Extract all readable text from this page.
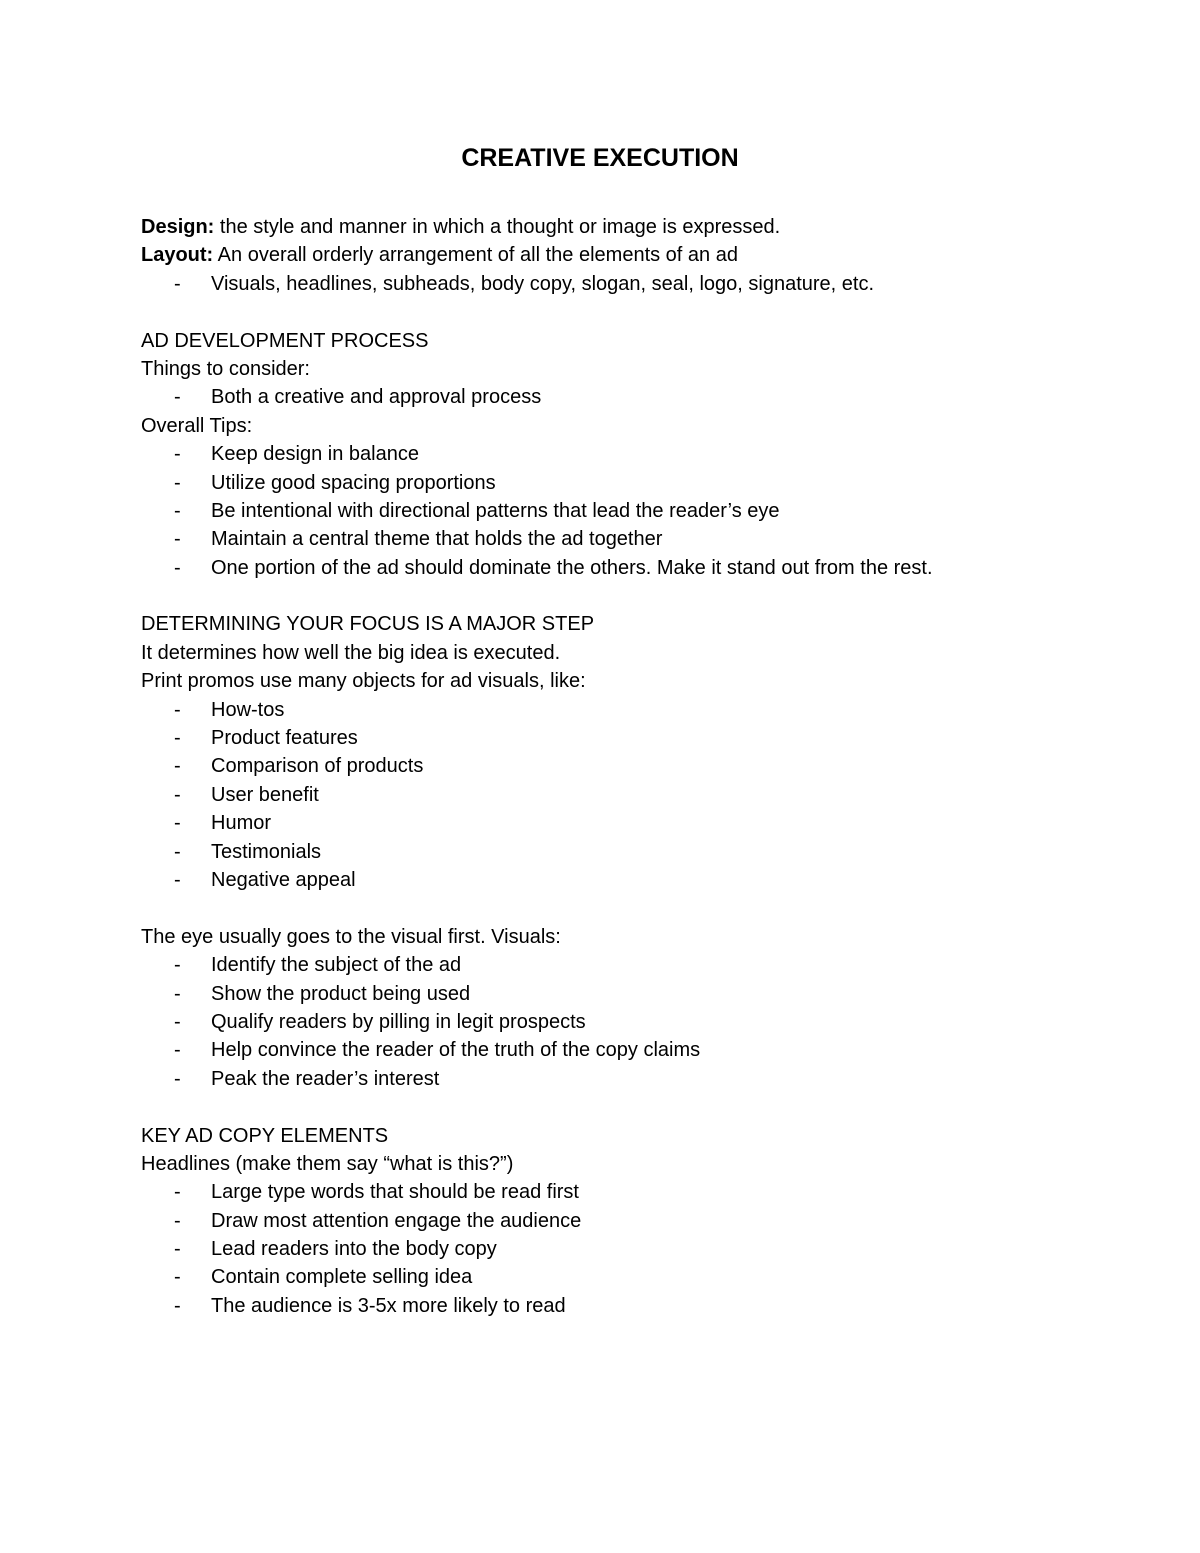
CREATIVE EXECUTION
Design: the style and manner in which a thought or image is expressed.
Layout: An overall orderly arrangement of all the elements of an ad
- Visuals, headlines, subheads, body copy, slogan, seal, logo, signature, etc.
AD DEVELOPMENT PROCESS
Things to consider:
- Both a creative and approval process
Overall Tips:
- Keep design in balance
- Utilize good spacing proportions
- Be intentional with directional patterns that lead the reader’s eye
- Maintain a central theme that holds the ad together
- One portion of the ad should dominate the others. Make it stand out from the rest.
DETERMINING YOUR FOCUS IS A MAJOR STEP
It determines how well the big idea is executed.
Print promos use many objects for ad visuals, like:
- How-tos
- Product features
- Comparison of products
- User benefit
- Humor
- Testimonials
- Negative appeal
The eye usually goes to the visual first. Visuals:
- Identify the subject of the ad
- Show the product being used
- Qualify readers by pilling in legit prospects
- Help convince the reader of the truth of the copy claims
- Peak the reader’s interest
KEY AD COPY ELEMENTS
Headlines (make them say “what is this?”)
- Large type words that should be read first
- Draw most attention engage the audience
- Lead readers into the body copy
- Contain complete selling idea
- The audience is 3-5x more likely to read
